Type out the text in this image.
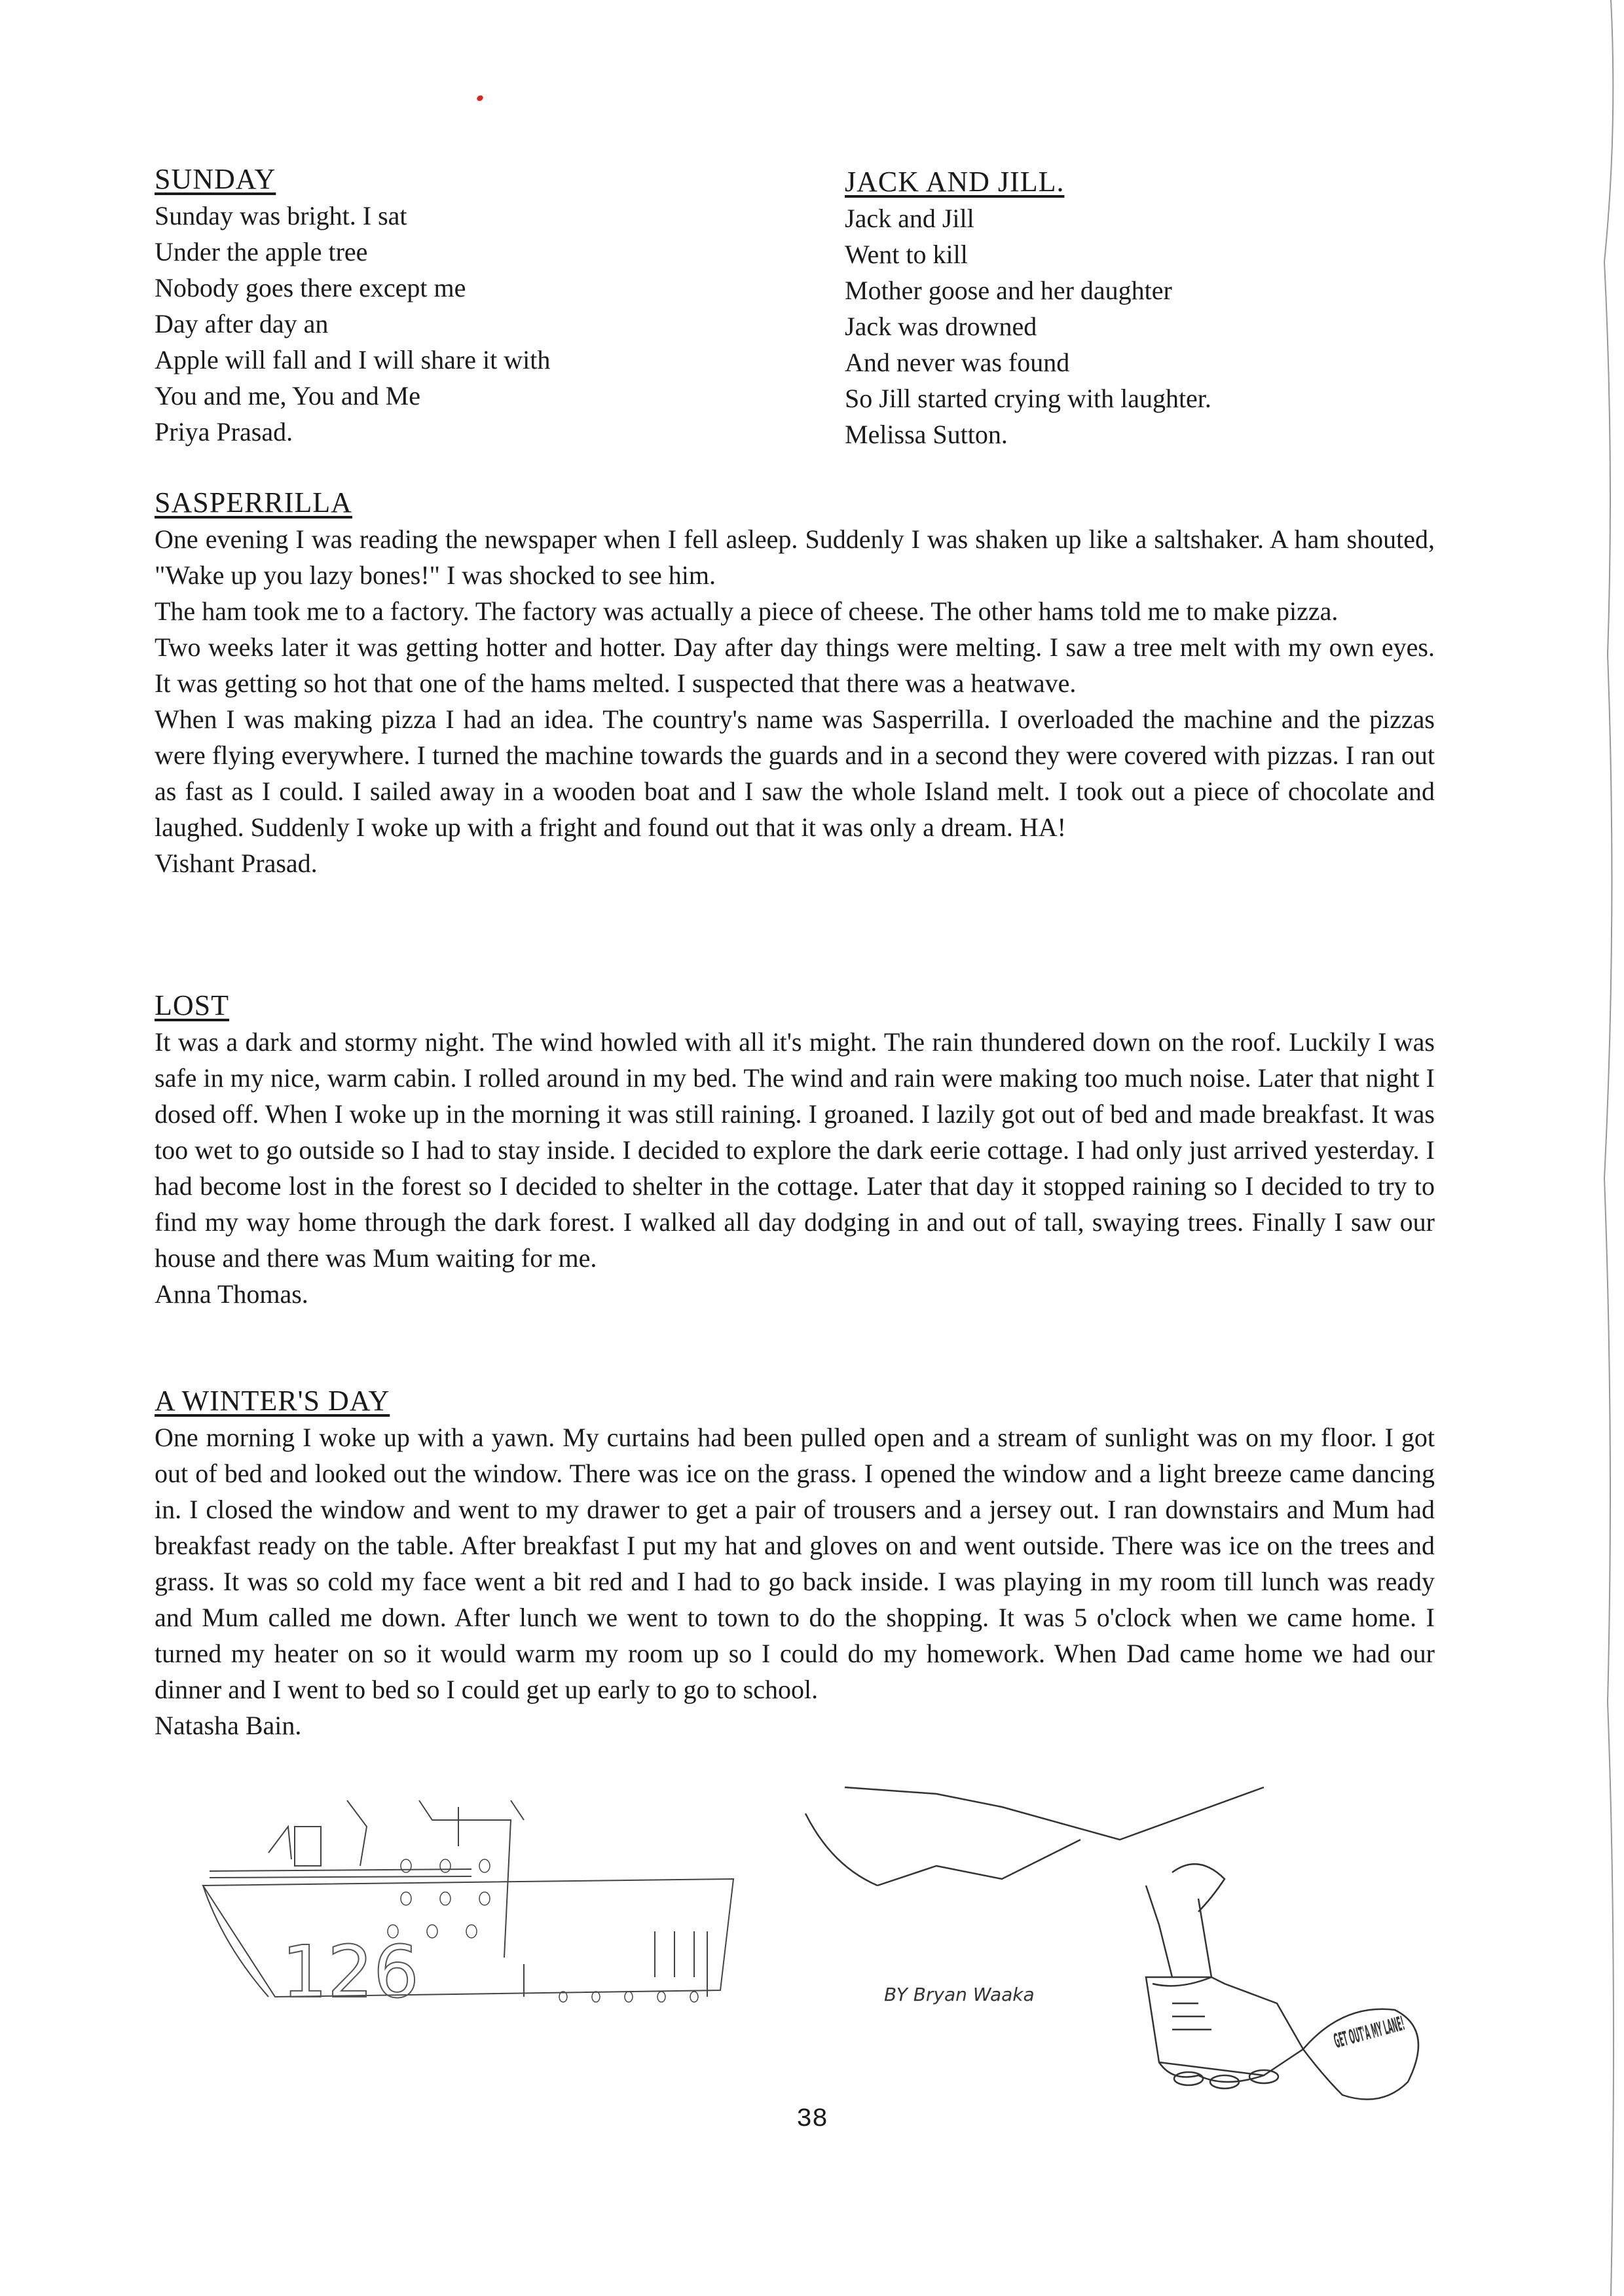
SUNDAY
Sunday was bright. I sat
Under the apple tree
Nobody goes there except me
Day after day an
Apple will fall and I will share it with
You and me, You and Me
Priya Prasad.
JACK AND JILL.
Jack and Jill
Went to kill
Mother goose and her daughter
Jack was drowned
And never was found
So Jill started crying with laughter.
Melissa Sutton.
SASPERRILLA

One evening I was reading the newspaper when I fell asleep. Suddenly I was shaken up like a saltshaker. A ham shouted, "Wake up you lazy bones!" I was shocked to see him.

The ham took me to a factory. The factory was actually a piece of cheese. The other hams told me to make pizza.

Two weeks later it was getting hotter and hotter. Day after day things were melting. I saw a tree melt with my own eyes. It was getting so hot that one of the hams melted. I suspected that there was a heatwave.

When I was making pizza I had an idea. The country's name was Sasperrilla. I overloaded the machine and the pizzas were flying everywhere. I turned the machine towards the guards and in a second they were covered with pizzas. I ran out as fast as I could. I sailed away in a wooden boat and I saw the whole Island melt. I took out a piece of chocolate and laughed. Suddenly I woke up with a fright and found out that it was only a dream. HA!

Vishant Prasad.

LOST

It was a dark and stormy night. The wind howled with all it's might. The rain thundered down on the roof. Luckily I was safe in my nice, warm cabin. I rolled around in my bed. The wind and rain were making too much noise. Later that night I dosed off. When I woke up in the morning it was still raining. I groaned. I lazily got out of bed and made breakfast. It was too wet to go outside so I had to stay inside. I decided to explore the dark eerie cottage. I had only just arrived yesterday. I had become lost in the forest so I decided to shelter in the cottage. Later that day it stopped raining so I decided to try to find my way home through the dark forest. I walked all day dodging in and out of tall, swaying trees. Finally I saw our house and there was Mum waiting for me.

Anna Thomas.

A WINTER'S DAY

One morning I woke up with a yawn. My curtains had been pulled open and a stream of sunlight was on my floor. I got out of bed and looked out the window. There was ice on the grass. I opened the window and a light breeze came dancing in. I closed the window and went to my drawer to get a pair of trousers and a jersey out. I ran downstairs and Mum had breakfast ready on the table. After breakfast I put my hat and gloves on and went outside. There was ice on the trees and grass. It was so cold my face went a bit red and I had to go back inside. I was playing in my room till lunch was ready and Mum called me down. After lunch we went to town to do the shopping. It was 5 o'clock when we came home. I turned my heater on so it would warm my room up so I could do my homework. When Dad came home we had our dinner and I went to bed so I could get up early to go to school.

Natasha Bain.

126	GET OUT'A MY LANE!
BY Bryan Waaka
38
